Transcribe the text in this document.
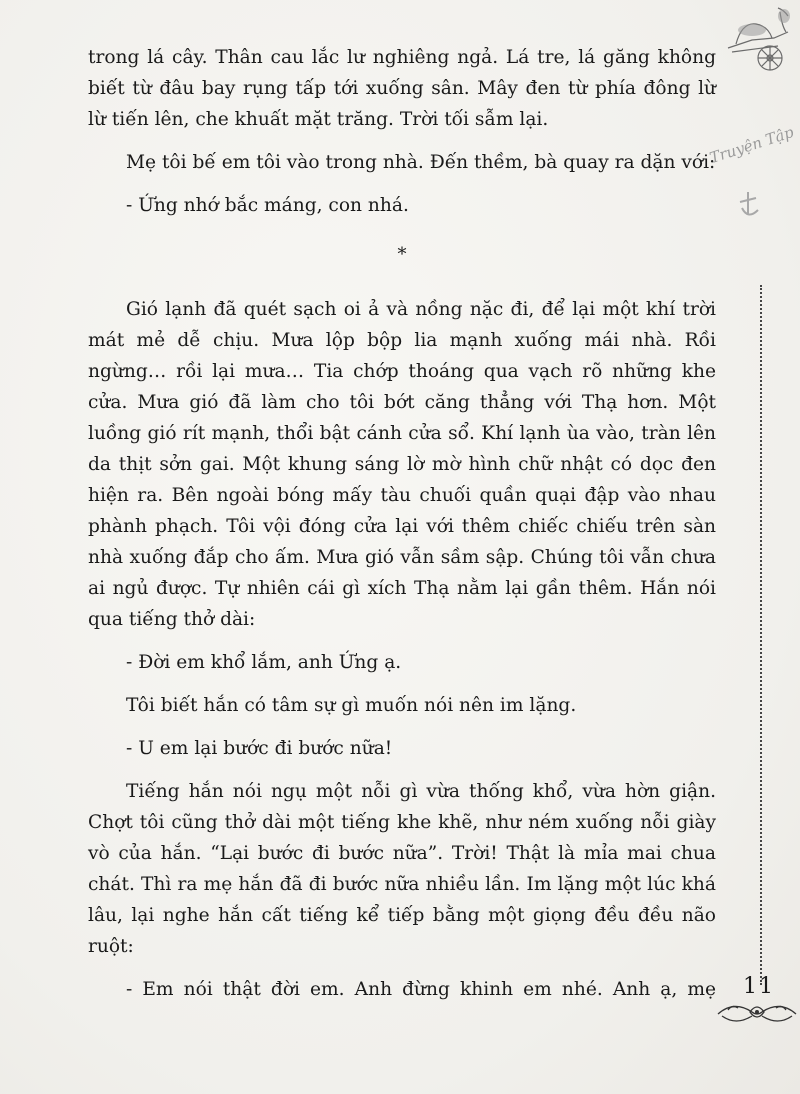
Truyện Tập

trong lá cây. Thân cau lắc lư nghiêng ngả. Lá tre, lá găng không biết từ đâu bay rụng tấp tới xuống sân. Mây đen từ phía đông lừ lừ tiến lên, che khuất mặt trăng. Trời tối sẫm lại.

Mẹ tôi bế em tôi vào trong nhà. Đến thềm, bà quay ra dặn với:

- Ứng nhớ bắc máng, con nhá.

*

Gió lạnh đã quét sạch oi ả và nồng nặc đi, để lại một khí trời mát mẻ dễ chịu. Mưa lộp bộp lia mạnh xuống mái nhà. Rồi ngừng… rồi lại mưa… Tia chớp thoáng qua vạch rõ những khe cửa. Mưa gió đã làm cho tôi bớt căng thẳng với Thạ hơn. Một luồng gió rít mạnh, thổi bật cánh cửa sổ. Khí lạnh ùa vào, tràn lên da thịt sởn gai. Một khung sáng lờ mờ hình chữ nhật có dọc đen hiện ra. Bên ngoài bóng mấy tàu chuối quần quại đập vào nhau phành phạch. Tôi vội đóng cửa lại với thêm chiếc chiếu trên sàn nhà xuống đắp cho ấm. Mưa gió vẫn sầm sập. Chúng tôi vẫn chưa ai ngủ được. Tự nhiên cái gì xích Thạ nằm lại gần thêm. Hắn nói qua tiếng thở dài:

- Đời em khổ lắm, anh Ứng ạ.

Tôi biết hắn có tâm sự gì muốn nói nên im lặng.

- U em lại bước đi bước nữa!

Tiếng hắn nói ngụ một nỗi gì vừa thống khổ, vừa hờn giận. Chợt tôi cũng thở dài một tiếng khe khẽ, như ném xuống nỗi giày vò của hắn. “Lại bước đi bước nữa”. Trời! Thật là mỉa mai chua chát. Thì ra mẹ hắn đã đi bước nữa nhiều lần. Im lặng một lúc khá lâu, lại nghe hắn cất tiếng kể tiếp bằng một giọng đều đều não ruột:

- Em nói thật đời em. Anh đừng khinh em nhé. Anh ạ, mẹ	11
